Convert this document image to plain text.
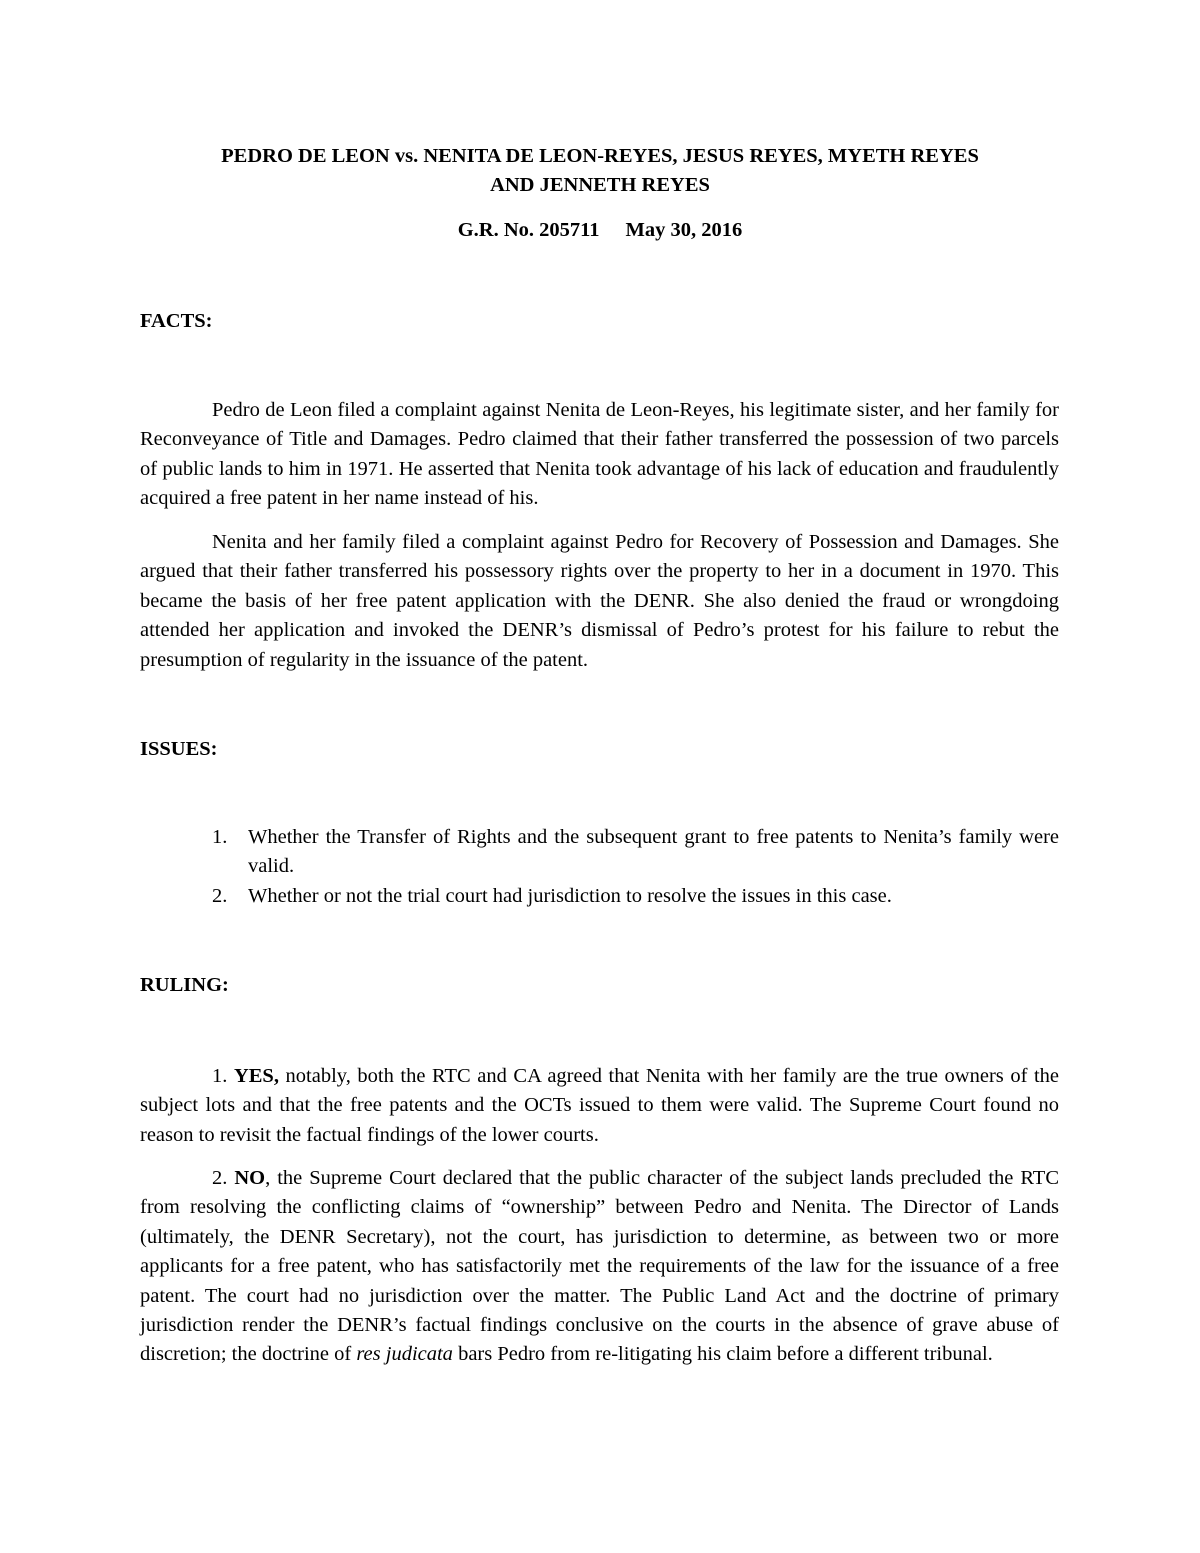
PEDRO DE LEON vs. NENITA DE LEON-REYES, JESUS REYES, MYETH REYES
AND JENNETH REYES
G.R. No. 205711 May 30, 2016
FACTS:

Pedro de Leon filed a complaint against Nenita de Leon-Reyes, his legitimate sister, and her family for Reconveyance of Title and Damages. Pedro claimed that their father transferred the possession of two parcels of public lands to him in 1971. He asserted that Nenita took advantage of his lack of education and fraudulently acquired a free patent in her name instead of his.

Nenita and her family filed a complaint against Pedro for Recovery of Possession and Damages. She argued that their father transferred his possessory rights over the property to her in a document in 1970. This became the basis of her free patent application with the DENR. She also denied the fraud or wrongdoing attended her application and invoked the DENR’s dismissal of Pedro’s protest for his failure to rebut the presumption of regularity in the issuance of the patent.

ISSUES:
1. Whether the Transfer of Rights and the subsequent grant to free patents to Nenita’s family were valid.
2. Whether or not the trial court had jurisdiction to resolve the issues in this case.
RULING:

1. YES, notably, both the RTC and CA agreed that Nenita with her family are the true owners of the subject lots and that the free patents and the OCTs issued to them were valid. The Supreme Court found no reason to revisit the factual findings of the lower courts.

2. NO, the Supreme Court declared that the public character of the subject lands precluded the RTC from resolving the conflicting claims of “ownership” between Pedro and Nenita. The Director of Lands (ultimately, the DENR Secretary), not the court, has jurisdiction to determine, as between two or more applicants for a free patent, who has satisfactorily met the requirements of the law for the issuance of a free patent. The court had no jurisdiction over the matter. The Public Land Act and the doctrine of primary jurisdiction render the DENR’s factual findings conclusive on the courts in the absence of grave abuse of discretion; the doctrine of res judicata bars Pedro from re-litigating his claim before a different tribunal.
